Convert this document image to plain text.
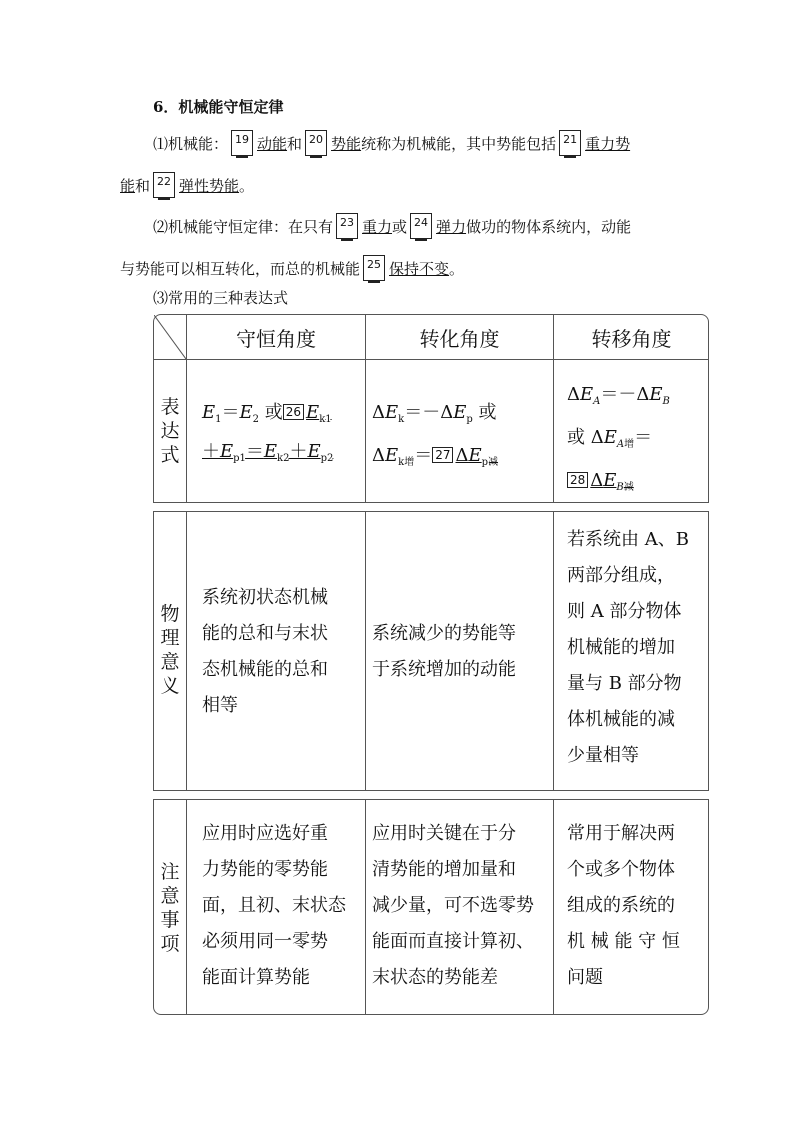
6．机械能守恒定律
⑴机械能： 19 动能和 20 势能统称为机械能，其中势能包括 21 重力势
能和 22 弹性势能。
⑵机械能守恒定律：在只有 23 重力或 24 弹力做功的物体系统内，动能
与势能可以相互转化，而总的机械能 25 保持不变。
⑶常用的三种表达式
守恒角度	转化角度	转移角度
表
达
式
$E_1=E_2$ 或 26 $E_{k1}$
$+E_{p1}=E_{k2}+E_{p2}$
$\Delta E_k=-\Delta E_p$ 或
$\Delta E_{k增}= 27$ $\Delta E_{p减}$
$\Delta E_A=-\Delta E_B$
或 $\Delta E_{A增}=$
28 $\Delta E_{B减}$
物
理
意
义
系统初状态机械
能的总和与末状
态机械能的总和
相等
系统减少的势能等
于系统增加的动能
若系统由 A、B
两部分组成，
则 A 部分物体
机械能的增加
量与 B 部分物
体机械能的减
少量相等
注
意
事
项
应用时应选好重
力势能的零势能
面，且初、末状态
必须用同一零势
能面计算势能
应用时关键在于分
清势能的增加量和
减少量，可不选零势
能面而直接计算初、
末状态的势能差
常用于解决两
个或多个物体
组成的系统的
机 械 能 守 恒
问题
